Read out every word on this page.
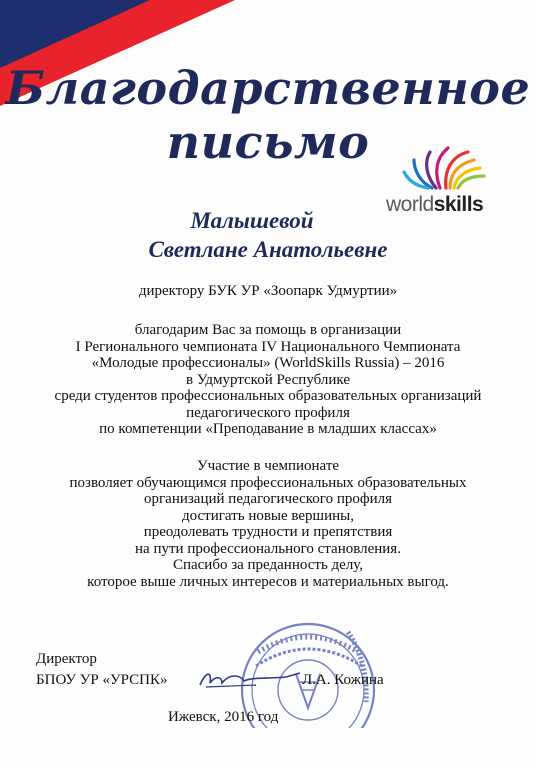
Благодарственное
письмо
worldskills
Малышевой
Светлане Анатольевне
директору БУК УР «Зоопарк Удмуртии»
благодарим Вас за помощь в организации
I Регионального чемпионата IV Национального Чемпионата
«Молодые профессионалы» (WorldSkills Russia) – 2016
в Удмуртской Республике
среди студентов профессиональных образовательных организаций
педагогического профиля
по компетенции «Преподавание в младших классах»
Участие в чемпионате
позволяет обучающимся профессиональных образовательных
организаций педагогического профиля
достигать новые вершины,
преодолевать трудности и препятствия
на пути профессионального становления.
Спасибо за преданность делу,
которое выше личных интересов и материальных выгод.
Директор
БПОУ УР «УРСПК»	Л.А. Кожина
Ижевск, 2016 год
